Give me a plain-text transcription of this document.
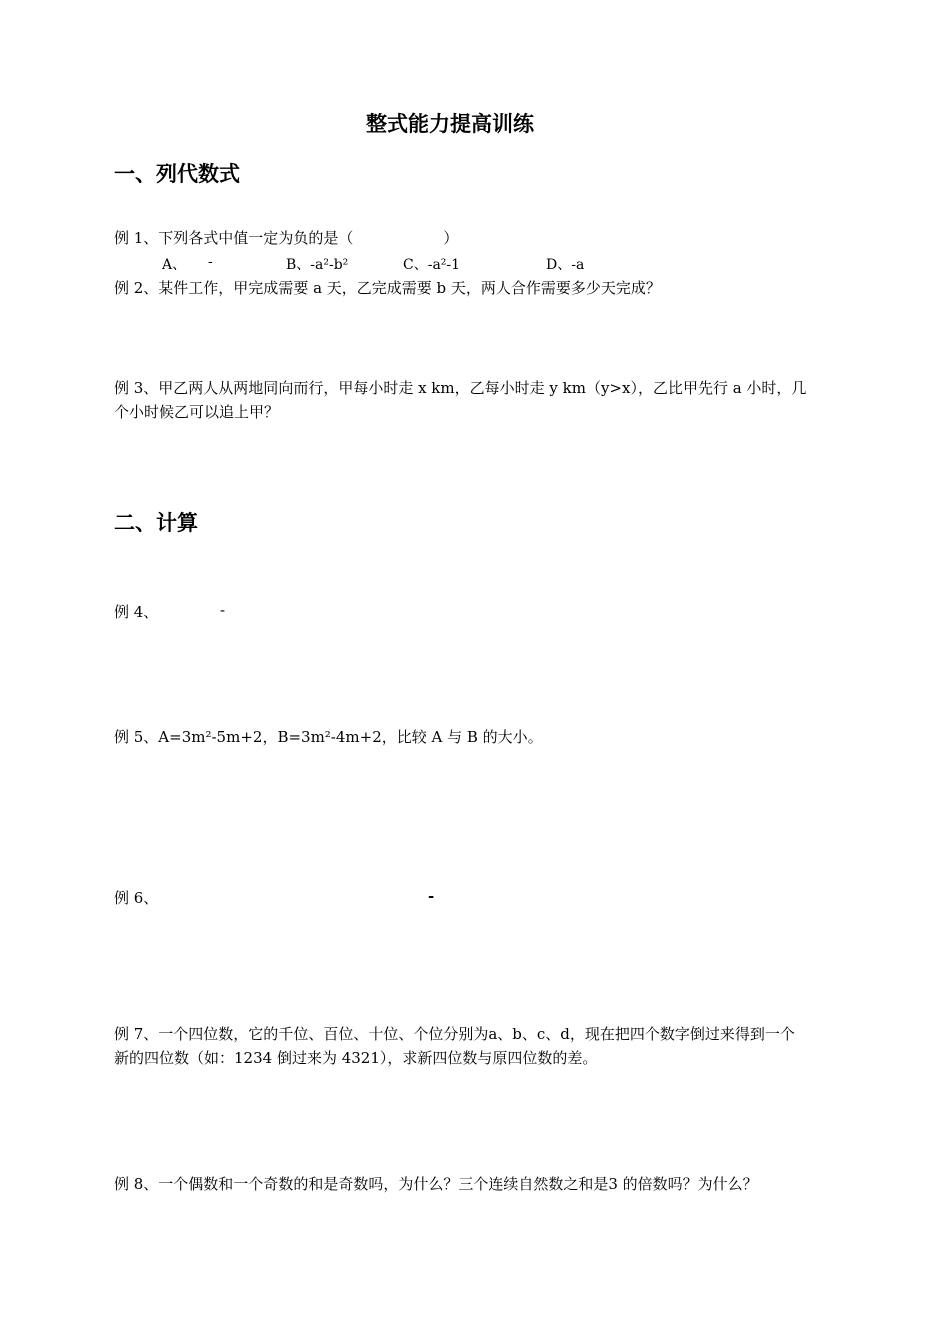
整式能力提高训练
一、列代数式
例 1、下列各式中值一定为负的是（　　　　　　）
A、 -	B、-a²-b²	C、-a²-1	D、-a
例 2、某件工作，甲完成需要 a 天，乙完成需要 b 天，两人合作需要多少天完成？
例 3、甲乙两人从两地同向而行，甲每小时走 x km，乙每小时走 y km（y>x），乙比甲先行 a 小时，几
个小时候乙可以追上甲？
二、计算
例 4、	-
例 5、A=3m²-5m+2，B=3m²-4m+2，比较 A 与 B 的大小。
例 6、	-
例 7、一个四位数，它的千位、百位、十位、个位分别为a、b、c、d，现在把四个数字倒过来得到一个
新的四位数（如：1234 倒过来为 4321），求新四位数与原四位数的差。
例 8、一个偶数和一个奇数的和是奇数吗，为什么？三个连续自然数之和是3 的倍数吗？为什么？
